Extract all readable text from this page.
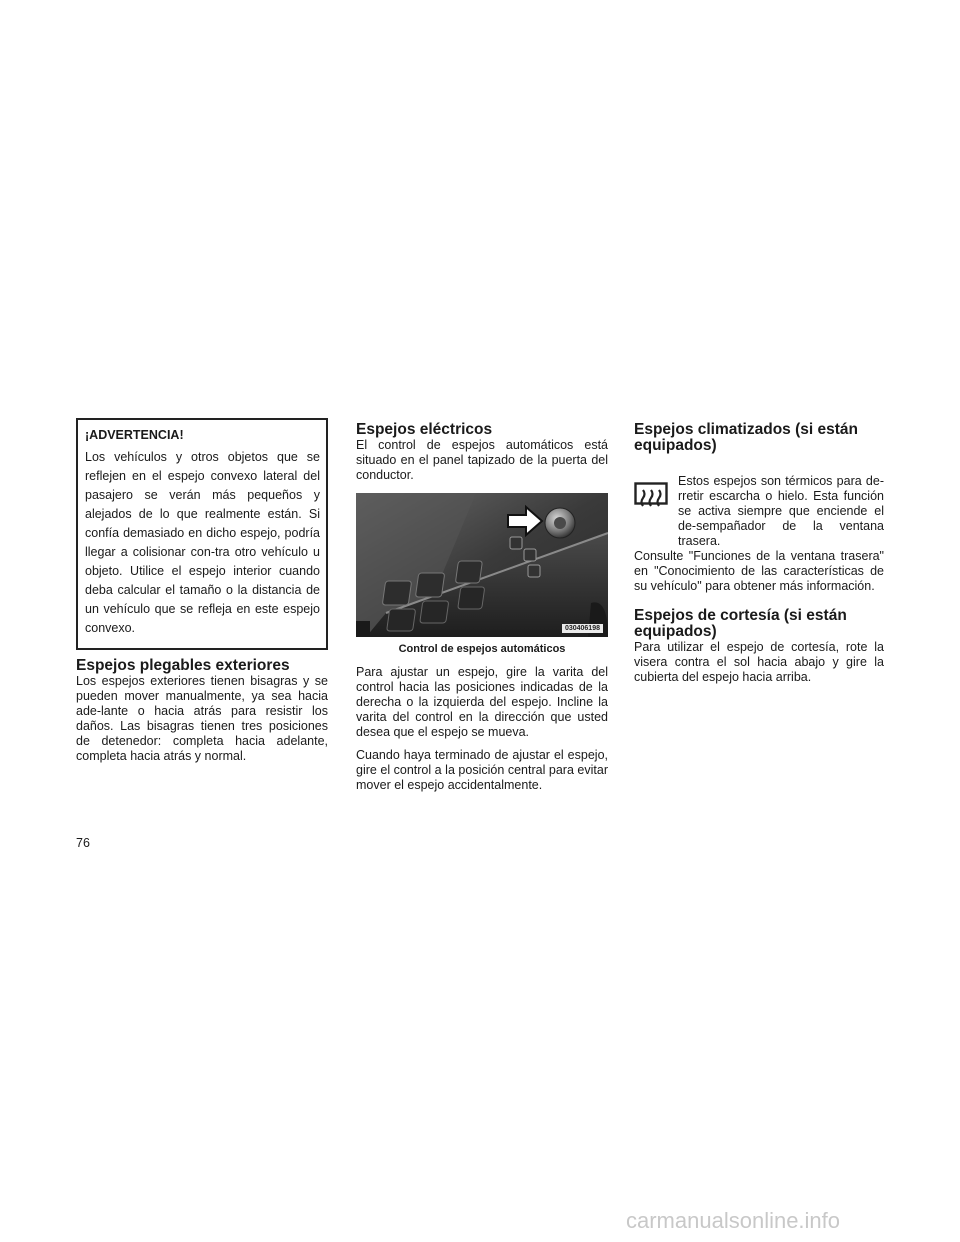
¡ADVERTENCIA!

Los vehículos y otros objetos que se reflejen en el espejo convexo lateral del pasajero se verán más pequeños y alejados de lo que realmente están. Si confía demasiado en dicho espejo, podría llegar a colisionar con-tra otro vehículo u objeto. Utilice el espejo interior cuando deba calcular el tamaño o la distancia de un vehículo que se refleja en este espejo convexo.

Espejos plegables exteriores

Los espejos exteriores tienen bisagras y se pueden mover manualmente, ya sea hacia ade-lante o hacia atrás para resistir los daños. Las bisagras tienen tres posiciones de detenedor: completa hacia adelante, completa hacia atrás y normal.

Espejos eléctricos

El control de espejos automáticos está situado en el panel tapizado de la puerta del conductor.

030406198

Control de espejos automáticos

Para ajustar un espejo, gire la varita del control hacia las posiciones indicadas de la derecha o la izquierda del espejo. Incline la varita del control en la dirección que usted desea que el espejo se mueva.

Cuando haya terminado de ajustar el espejo, gire el control a la posición central para evitar mover el espejo accidentalmente.

Espejos climatizados (si están equipados)

Estos espejos son térmicos para de-rretir escarcha o hielo. Esta función se activa siempre que enciende el de-sempañador de la ventana trasera.

Consulte "Funciones de la ventana trasera" en "Conocimiento de las características de su vehículo" para obtener más información.

Espejos de cortesía (si están equipados)

Para utilizar el espejo de cortesía, rote la visera contra el sol hacia abajo y gire la cubierta del espejo hacia arriba.

76
carmanualsonline.info
